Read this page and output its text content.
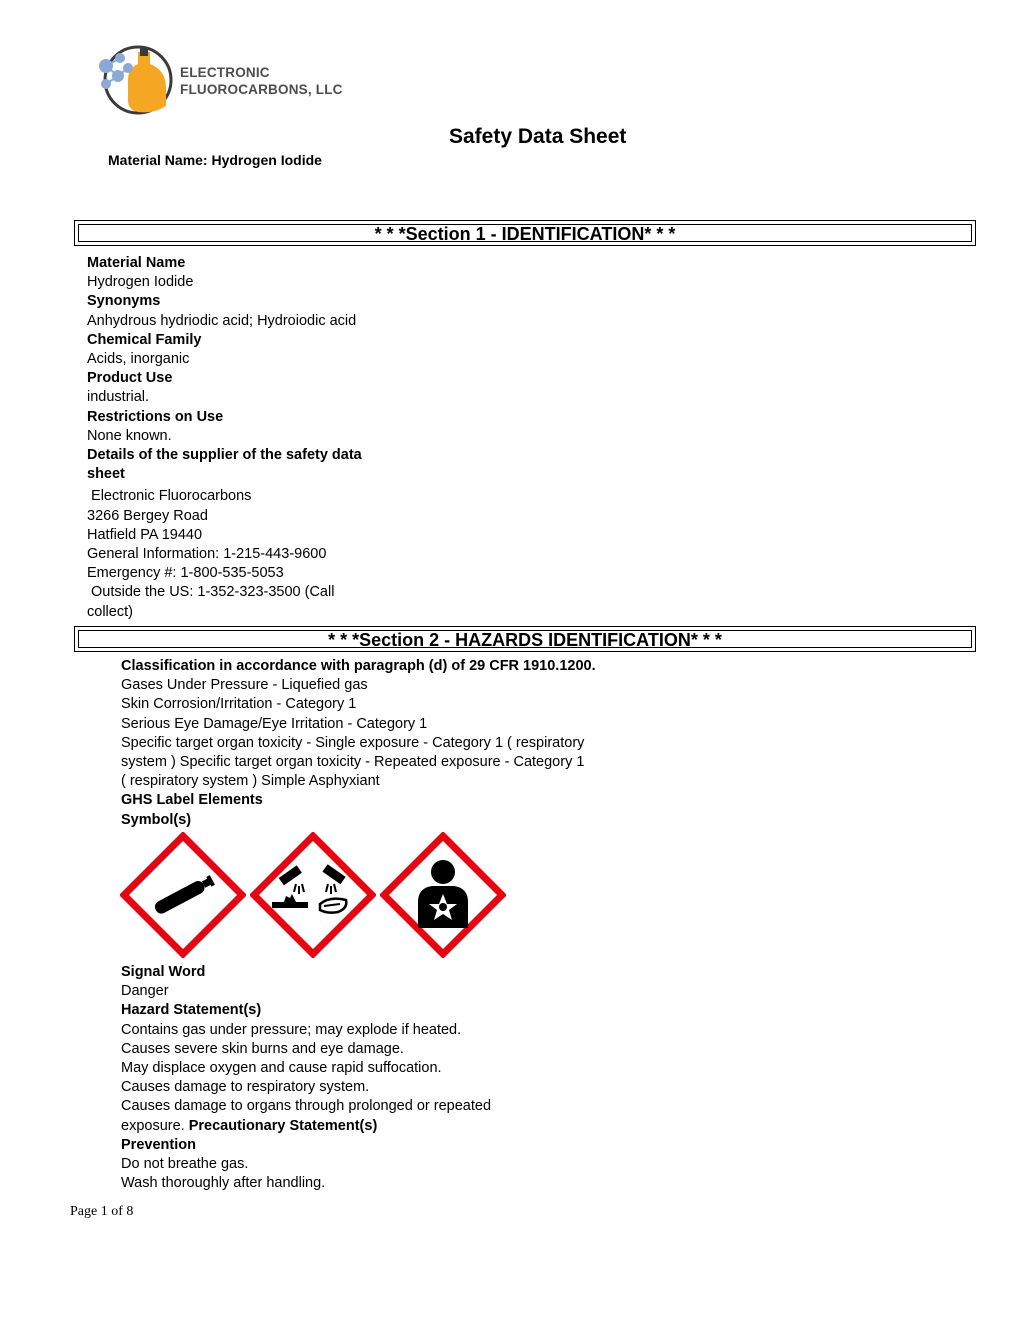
ELECTRONIC
FLUOROCARBONS, LLC
Safety Data Sheet
Material Name: Hydrogen Iodide
* * *Section 1 - IDENTIFICATION* * *

Material Name

Hydrogen Iodide

Synonyms

Anhydrous hydriodic acid; Hydroiodic acid

Chemical Family

Acids, inorganic

Product Use

industrial.

Restrictions on Use

None known.

Details of the supplier of the safety data

sheet

Electronic Fluorocarbons

3266 Bergey Road

Hatfield PA 19440

General Information: 1-215-443-9600

Emergency #: 1-800-535-5053

Outside the US: 1-352-323-3500 (Call

collect)

* * *Section 2 - HAZARDS IDENTIFICATION* * *

Classification in accordance with paragraph (d) of 29 CFR 1910.1200.

Gases Under Pressure - Liquefied gas

Skin Corrosion/Irritation - Category 1

Serious Eye Damage/Eye Irritation - Category 1

Specific target organ toxicity - Single exposure - Category 1 ( respiratory

system ) Specific target organ toxicity - Repeated exposure - Category 1

( respiratory system ) Simple Asphyxiant

GHS Label Elements

Symbol(s)

Signal Word

Danger

Hazard Statement(s)

Contains gas under pressure; may explode if heated.

Causes severe skin burns and eye damage.

May displace oxygen and cause rapid suffocation.

Causes damage to respiratory system.

Causes damage to organs through prolonged or repeated

exposure. Precautionary Statement(s)

Prevention

Do not breathe gas.

Wash thoroughly after handling.

Page 1 of 8
